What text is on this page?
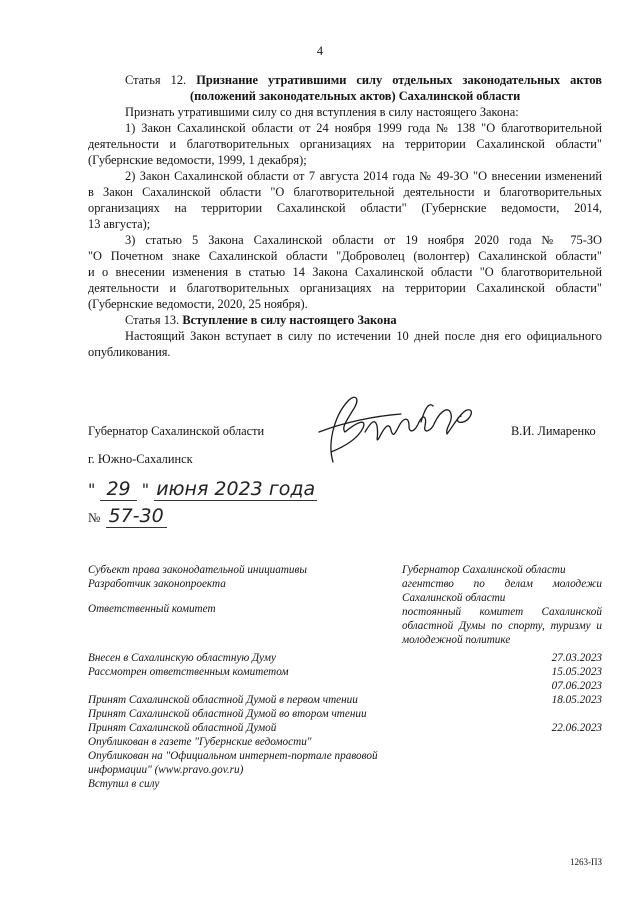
4
Статья 12. Признание утратившими силу отдельных законодательных актов
(положений законодательных актов) Сахалинской области
Признать утратившими силу со дня вступления в силу настоящего Закона:
1) Закон Сахалинской области от 24 ноября 1999 года № 138 "О благотворительной
деятельности и благотворительных организациях на территории Сахалинской области"
(Губернские ведомости, 1999, 1 декабря);
2) Закон Сахалинской области от 7 августа 2014 года № 49-ЗО "О внесении изменений
в Закон Сахалинской области "О благотворительной деятельности и благотворительных
организациях на территории Сахалинской области" (Губернские ведомости, 2014,
13 августа);
3) статью 5 Закона Сахалинской области от 19 ноября 2020 года № 75-ЗО
"О Почетном знаке Сахалинской области "Доброволец (волонтер) Сахалинской области"
и о внесении изменения в статью 14 Закона Сахалинской области "О благотворительной
деятельности и благотворительных организациях на территории Сахалинской области"
(Губернские ведомости, 2020, 25 ноября).
Статья 13. Вступление в силу настоящего Закона
Настоящий Закон вступает в силу по истечении 10 дней после дня его официального
опубликования.
Губернатор Сахалинской области	В.И. Лимаренко
г. Южно-Сахалинск
" 29 " июня 2023 года
№ 57-30
Субъект права законодательной инициативы	Губернатор Сахалинской области
Разработчик законопроекта	агентство по делам молодежи
Сахалинской области
Ответственный комитет	постоянный комитет Сахалинской
областной Думы по спорту, туризму и
молодежной политике
Внесен в Сахалинскую областную Думу	27.03.2023
Рассмотрен ответственным комитетом	15.05.2023
07.06.2023
Принят Сахалинской областной Думой в первом чтении	18.05.2023
Принят Сахалинской областной Думой во втором чтении
Принят Сахалинской областной Думой	22.06.2023
Опубликован в газете "Губернские ведомости"
Опубликован на "Официальном интернет-портале правовой
информации" (www.pravo.gov.ru)
Вступил в силу
1263-ПЗ
